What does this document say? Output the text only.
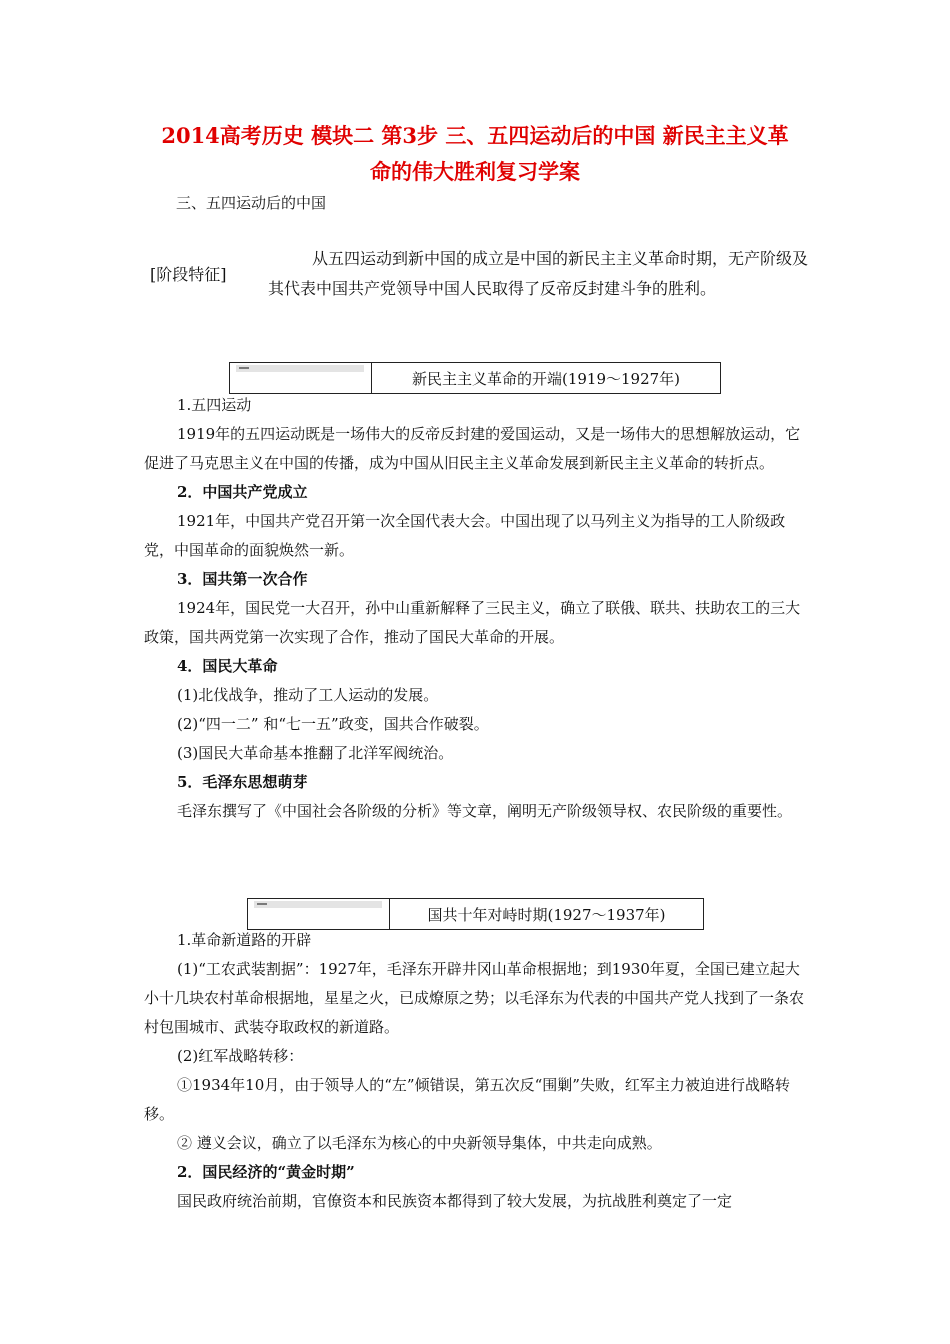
2014高考历史 模块二 第3步 三、五四运动后的中国 新民主主义革
命的伟大胜利复习学案
三、五四运动后的中国
[阶段特征]
从五四运动到新中国的成立是中国的新民主主义革命时期，无产阶级及其代表中国共产党领导中国人民取得了反帝反封建斗争的胜利。
新民主主义革命的开端(1919～1927年)

1.五四运动

1919年的五四运动既是一场伟大的反帝反封建的爱国运动，又是一场伟大的思想解放运动，它促进了马克思主义在中国的传播，成为中国从旧民主主义革命发展到新民主主义革命的转折点。

2．中国共产党成立

1921年，中国共产党召开第一次全国代表大会。中国出现了以马列主义为指导的工人阶级政党，中国革命的面貌焕然一新。

3．国共第一次合作

1924年，国民党一大召开，孙中山重新解释了三民主义，确立了联俄、联共、扶助农工的三大政策，国共两党第一次实现了合作，推动了国民大革命的开展。

4．国民大革命

(1)北伐战争，推动了工人运动的发展。

(2)“四一二” 和“七一五”政变，国共合作破裂。

(3)国民大革命基本推翻了北洋军阀统治。

5．毛泽东思想萌芽

毛泽东撰写了《中国社会各阶级的分析》等文章，阐明无产阶级领导权、农民阶级的重要性。

国共十年对峙时期(1927～1937年)

1.革命新道路的开辟

(1)“工农武装割据”：1927年，毛泽东开辟井冈山革命根据地；到1930年夏，全国已建立起大小十几块农村革命根据地，星星之火，已成燎原之势；以毛泽东为代表的中国共产党人找到了一条农村包围城市、武装夺取政权的新道路。

(2)红军战略转移：

①1934年10月，由于领导人的“左”倾错误，第五次反“围剿”失败，红军主力被迫进行战略转移。

② 遵义会议，确立了以毛泽东为核心的中央新领导集体，中共走向成熟。

2．国民经济的“黄金时期”

国民政府统治前期，官僚资本和民族资本都得到了较大发展，为抗战胜利奠定了一定
